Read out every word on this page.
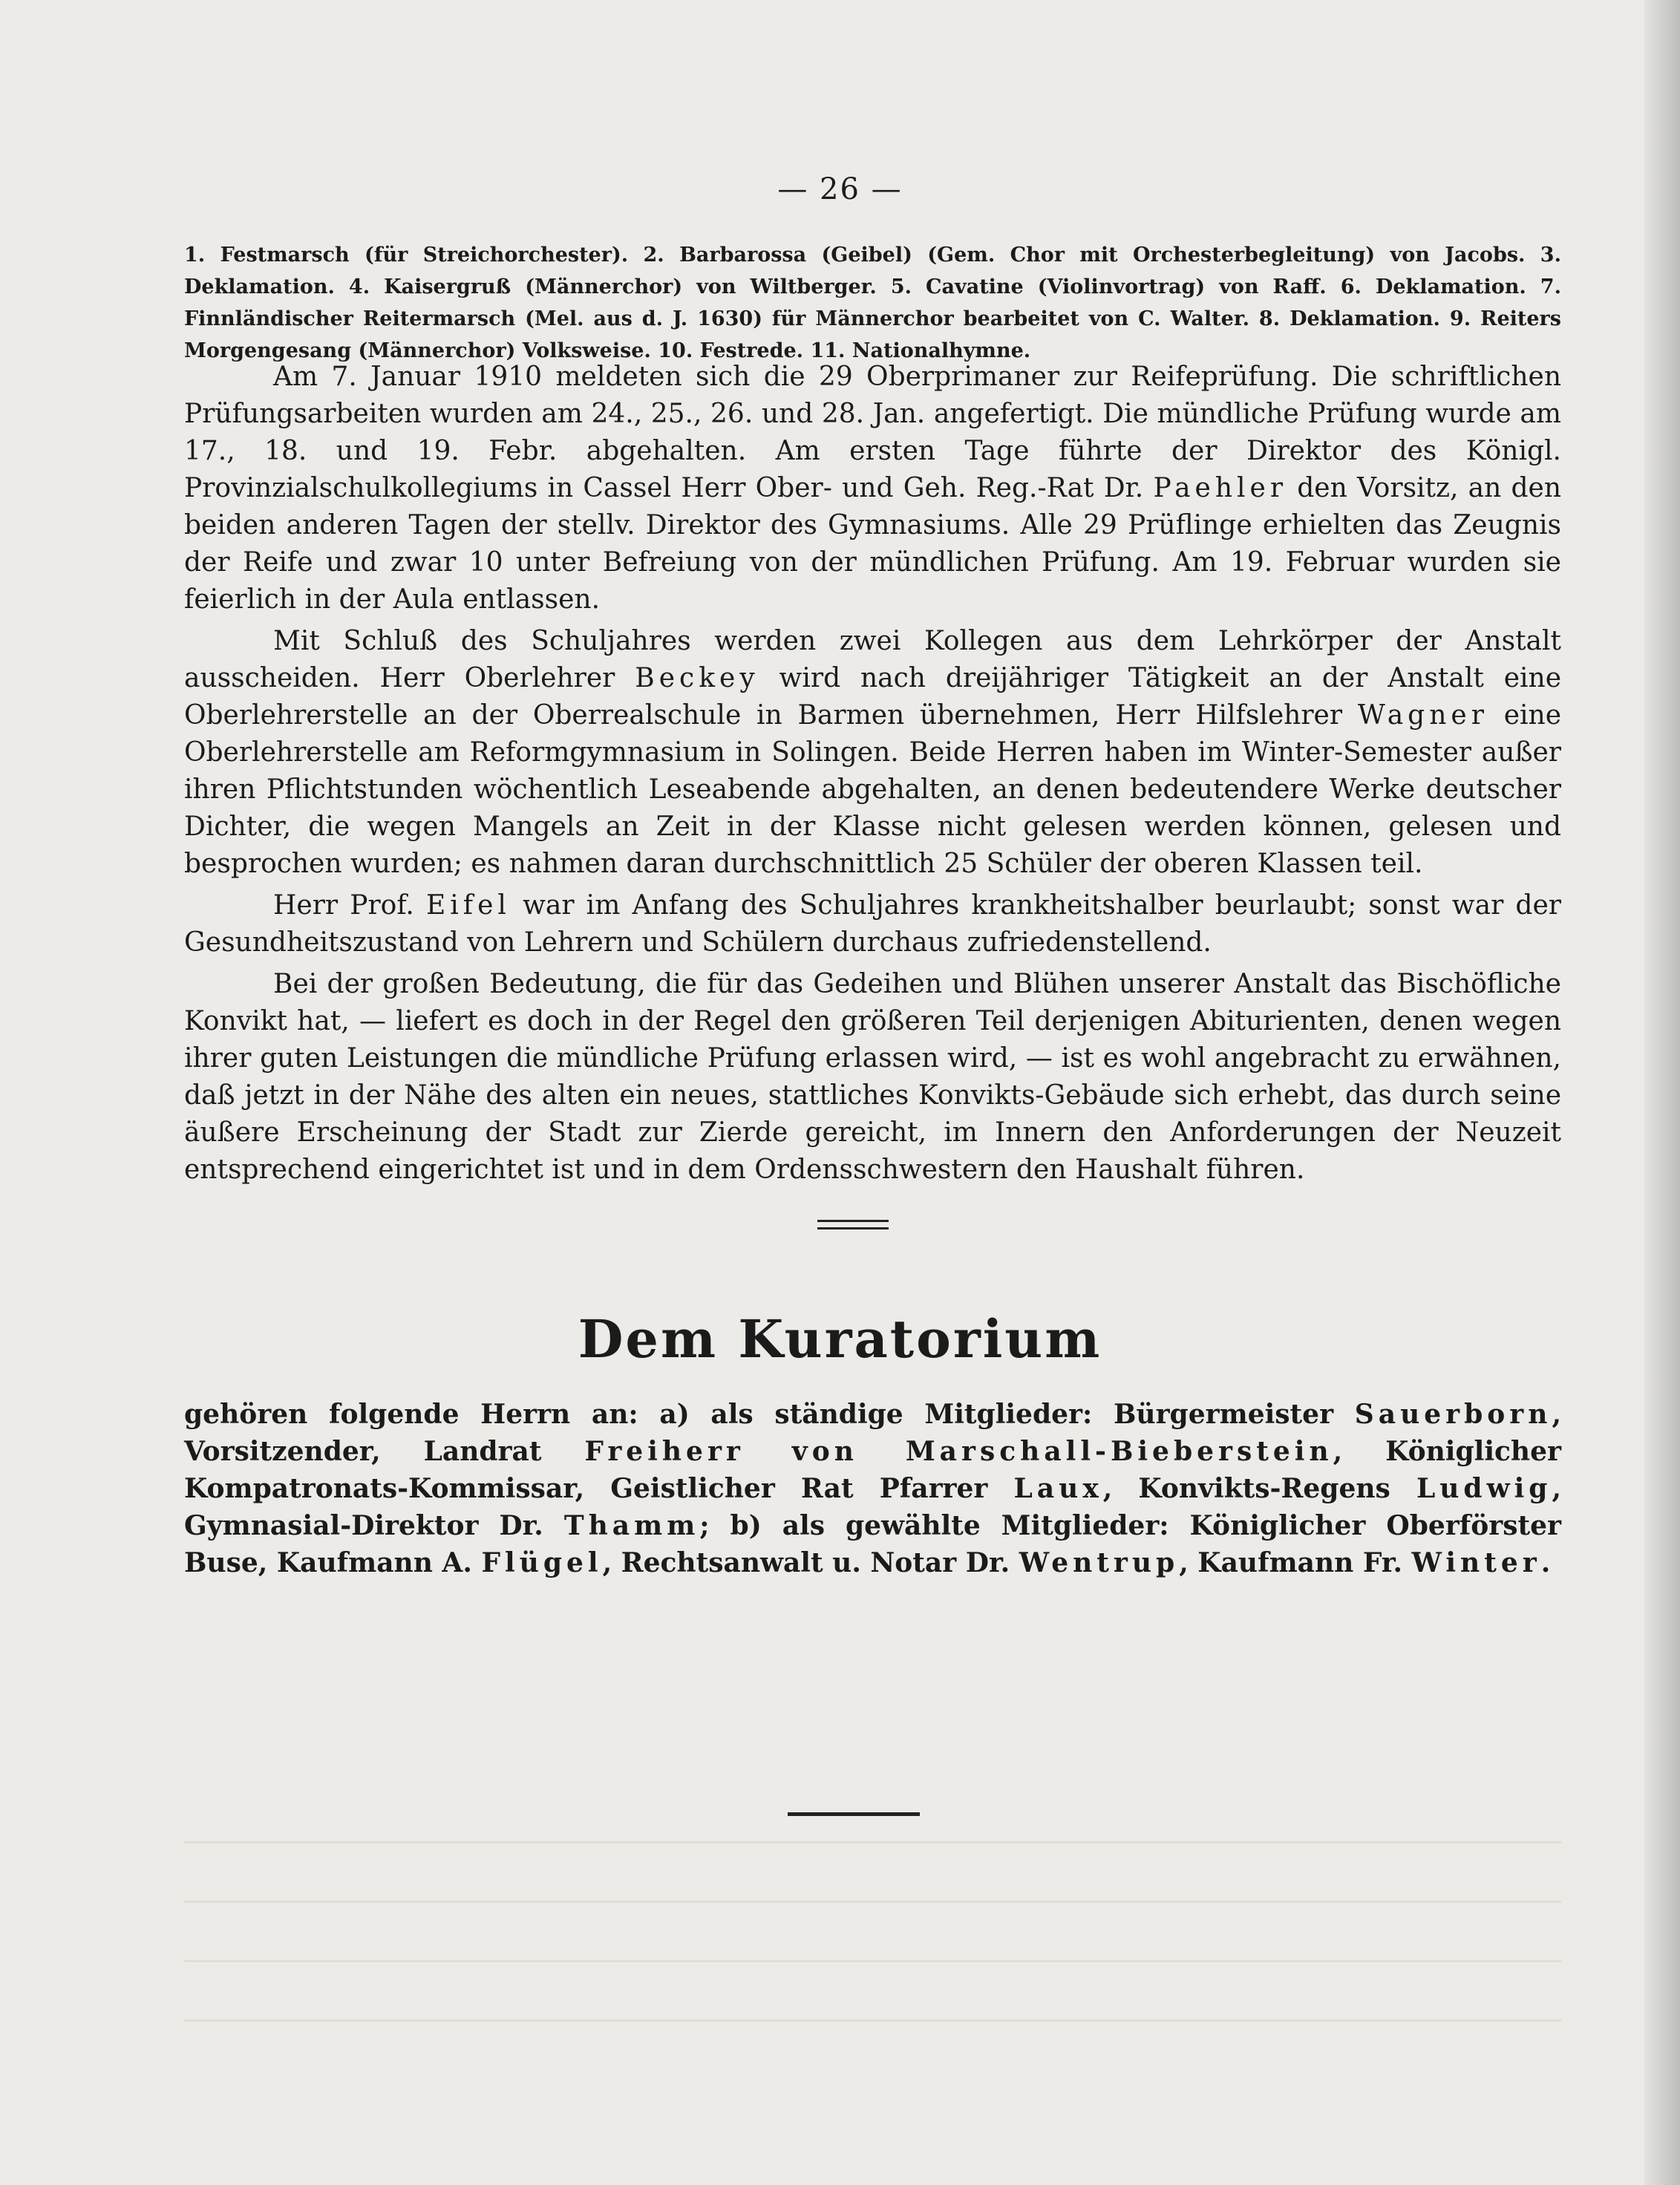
— 26 —
1. Festmarsch (für Streichorchester). 2. Barbarossa (Geibel) (Gem. Chor mit Orchesterbegleitung) von Jacobs. 3. Deklamation. 4. Kaisergruß (Männerchor) von Wiltberger. 5. Cavatine (Violinvortrag) von Raff. 6. Deklamation. 7. Finnländischer Reitermarsch (Mel. aus d. J. 1630) für Männerchor bearbeitet von C. Walter. 8. Deklamation. 9. Reiters Morgengesang (Männerchor) Volksweise. 10. Festrede. 11. Nationalhymne.

Am 7. Januar 1910 meldeten sich die 29 Oberprimaner zur Reifeprüfung. Die schriftlichen Prüfungsarbeiten wurden am 24., 25., 26. und 28. Jan. angefertigt. Die mündliche Prüfung wurde am 17., 18. und 19. Febr. abgehalten. Am ersten Tage führte der Direktor des Königl. Provinzialschulkollegiums in Cassel Herr Ober- und Geh. Reg.-Rat Dr. Paehler den Vorsitz, an den beiden anderen Tagen der stellv. Direktor des Gymnasiums. Alle 29 Prüflinge erhielten das Zeugnis der Reife und zwar 10 unter Befreiung von der mündlichen Prüfung. Am 19. Februar wurden sie feierlich in der Aula entlassen.

Mit Schluß des Schuljahres werden zwei Kollegen aus dem Lehrkörper der Anstalt ausscheiden. Herr Oberlehrer Beckey wird nach dreijähriger Tätigkeit an der Anstalt eine Oberlehrerstelle an der Oberrealschule in Barmen übernehmen, Herr Hilfslehrer Wagner eine Oberlehrerstelle am Reformgymnasium in Solingen. Beide Herren haben im Winter-Semester außer ihren Pflichtstunden wöchentlich Leseabende abgehalten, an denen bedeutendere Werke deutscher Dichter, die wegen Mangels an Zeit in der Klasse nicht gelesen werden können, gelesen und besprochen wurden; es nahmen daran durchschnittlich 25 Schüler der oberen Klassen teil.

Herr Prof. Eifel war im Anfang des Schuljahres krankheitshalber beurlaubt; sonst war der Gesundheitszustand von Lehrern und Schülern durchaus zufriedenstellend.

Bei der großen Bedeutung, die für das Gedeihen und Blühen unserer Anstalt das Bischöfliche Konvikt hat, — liefert es doch in der Regel den größeren Teil derjenigen Abiturienten, denen wegen ihrer guten Leistungen die mündliche Prüfung erlassen wird, — ist es wohl angebracht zu erwähnen, daß jetzt in der Nähe des alten ein neues, stattliches Konvikts-Gebäude sich erhebt, das durch seine äußere Erscheinung der Stadt zur Zierde gereicht, im Innern den Anforderungen der Neuzeit entsprechend eingerichtet ist und in dem Ordensschwestern den Haushalt führen.

Dem Kuratorium
gehören folgende Herrn an: a) als ständige Mitglieder: Bürgermeister Sauerborn, Vorsitzender, Landrat Freiherr von Marschall-Bieberstein, Königlicher Kompatronats-Kommissar, Geistlicher Rat Pfarrer Laux, Konvikts-Regens Ludwig, Gymnasial-Direktor Dr. Thamm; b) als gewählte Mitglieder: Königlicher Oberförster Buse, Kaufmann A. Flügel, Rechtsanwalt u. Notar Dr. Wentrup, Kaufmann Fr. Winter.
